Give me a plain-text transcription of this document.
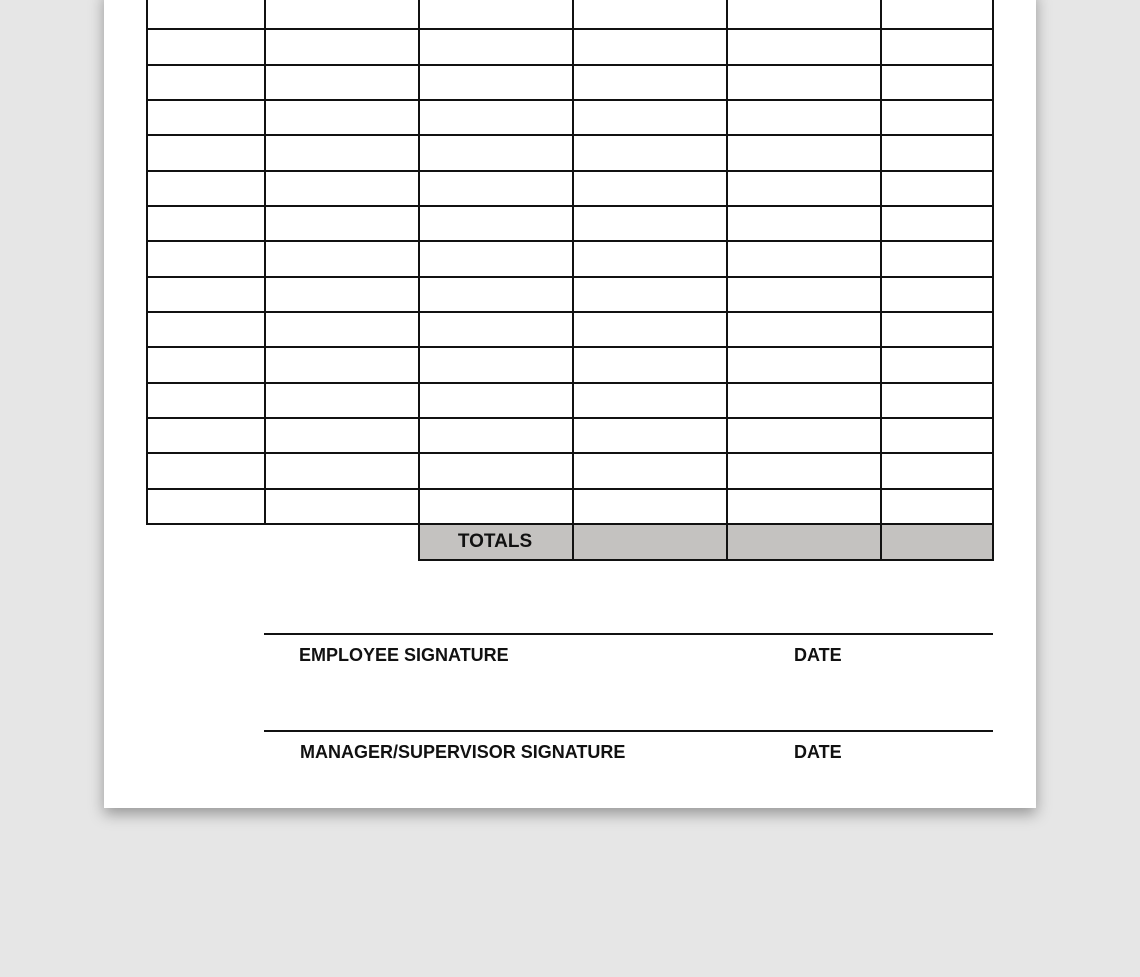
TOTALS
EMPLOYEE SIGNATURE	DATE
MANAGER/SUPERVISOR SIGNATURE	DATE
